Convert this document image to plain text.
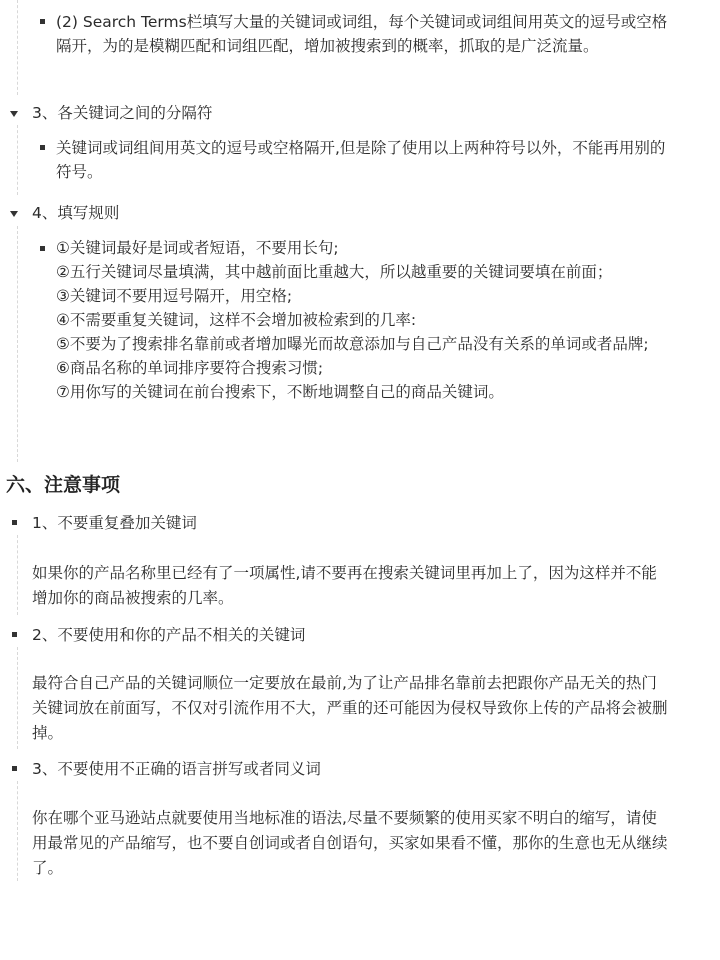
(2) Search Terms栏填写大量的关键词或词组，每个关键词或词组间用英文的逗号或空格隔开，为的是模糊匹配和词组匹配，增加被搜索到的概率，抓取的是广泛流量。
3、各关键词之间的分隔符
关键词或词组间用英文的逗号或空格隔开,但是除了使用以上两种符号以外，不能再用别的符号。
4、填写规则
①关键词最好是词或者短语，不要用长句;
②五行关键词尽量填满，其中越前面比重越大，所以越重要的关键词要填在前面；
③关键词不要用逗号隔开，用空格;
④不需要重复关键词，这样不会增加被检索到的几率:
⑤不要为了搜索排名靠前或者增加曝光而故意添加与自己产品没有关系的单词或者品牌;
⑥商品名称的单词排序要符合搜索习惯;
⑦用你写的关键词在前台搜索下，不断地调整自己的商品关键词。
六、注意事项
1、不要重复叠加关键词
如果你的产品名称里已经有了一项属性,请不要再在搜索关键词里再加上了，因为这样并不能增加你的商品被搜索的几率。
2、不要使用和你的产品不相关的关键词
最符合自己产品的关键词顺位一定要放在最前,为了让产品排名靠前去把跟你产品无关的热门关键词放在前面写，不仅对引流作用不大，严重的还可能因为侵权导致你上传的产品将会被删掉。
3、不要使用不正确的语言拼写或者同义词
你在哪个亚马逊站点就要使用当地标准的语法,尽量不要频繁的使用买家不明白的缩写，请使用最常见的产品缩写，也不要自创词或者自创语句，买家如果看不懂，那你的生意也无从继续了。
